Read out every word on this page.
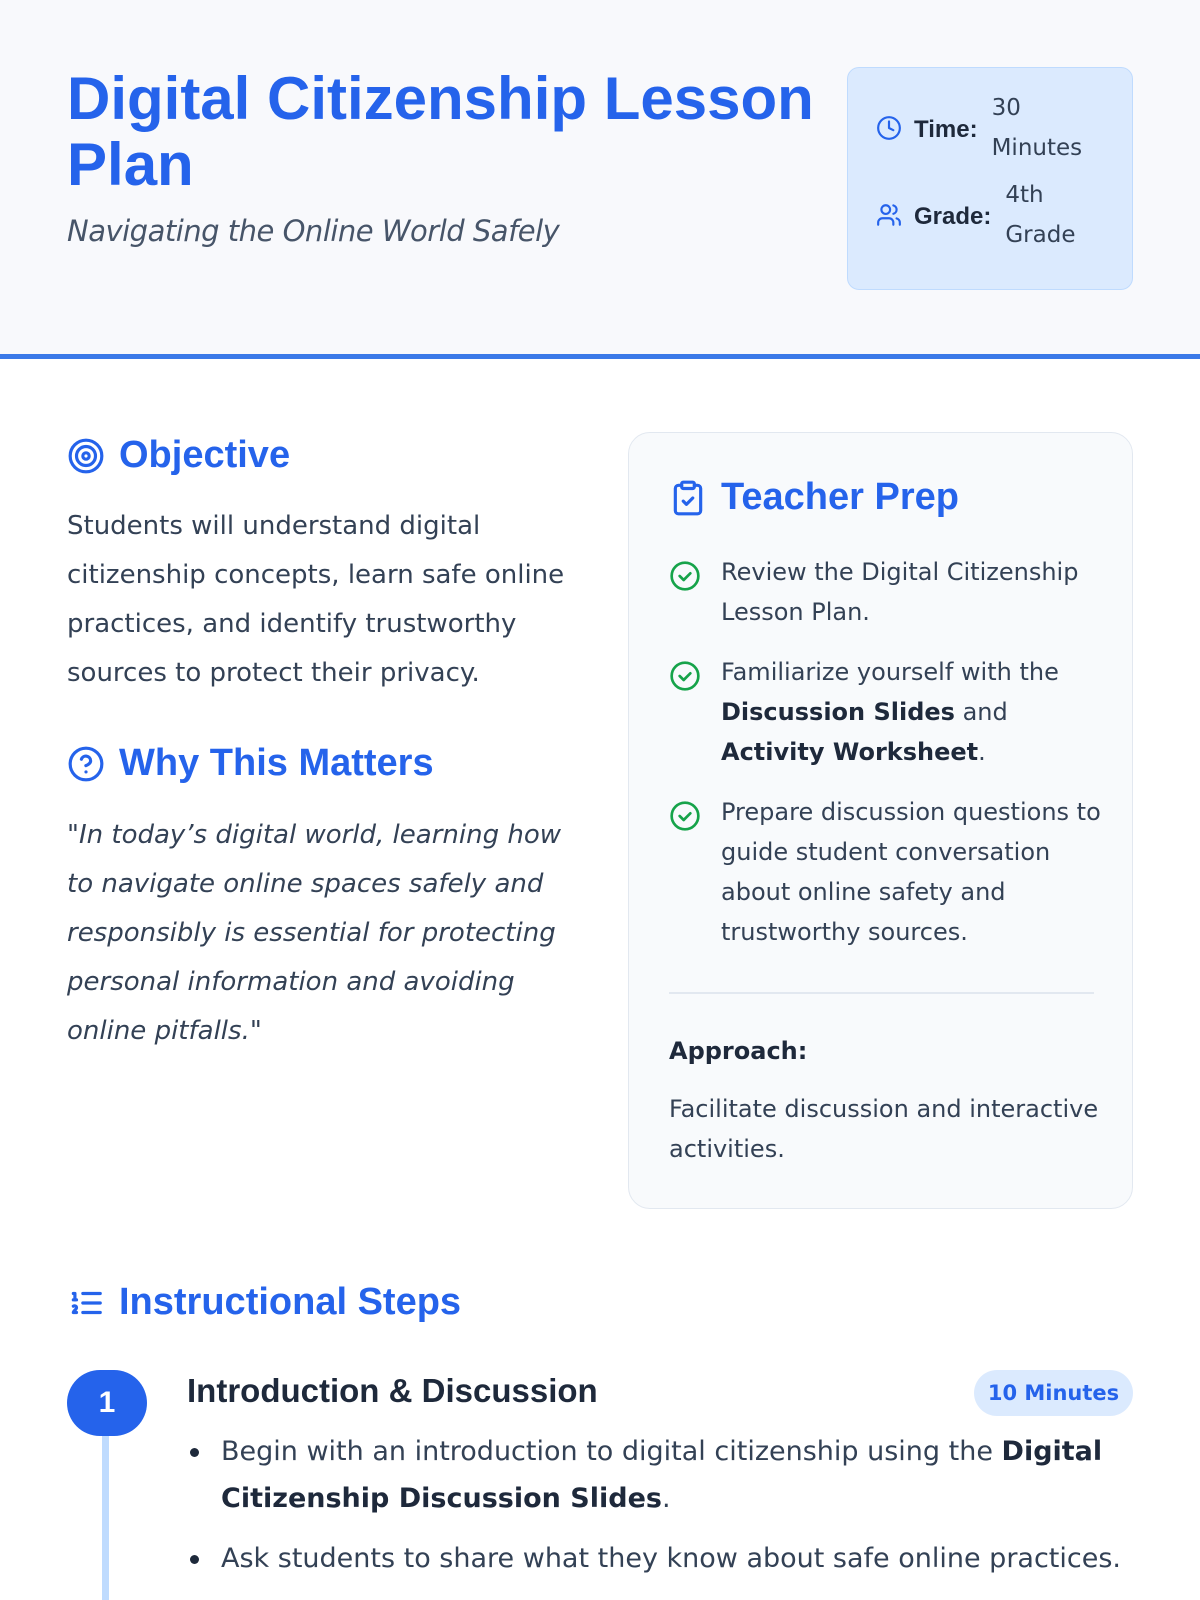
Digital Citizenship Lesson Plan
Navigating the Online World Safely
Time:
30 Minutes
Grade:
4th Grade
Objective

Students will understand digital citizenship concepts, learn safe online practices, and identify trustworthy sources to protect their privacy.

Why This Matters

"In today’s digital world, learning how to navigate online spaces safely and responsibly is essential for protecting personal information and avoiding online pitfalls."

Teacher Prep
Review the Digital Citizenship Lesson Plan.
Familiarize yourself with the Discussion Slides and Activity Worksheet.
Prepare discussion questions to guide student conversation about online safety and trustworthy sources.
Approach:
Facilitate discussion and interactive activities.
Instructional Steps
1	Introduction & Discussion	10 Minutes
Begin with an introduction to digital citizenship using the Digital Citizenship Discussion Slides.
Ask students to share what they know about safe online practices.
